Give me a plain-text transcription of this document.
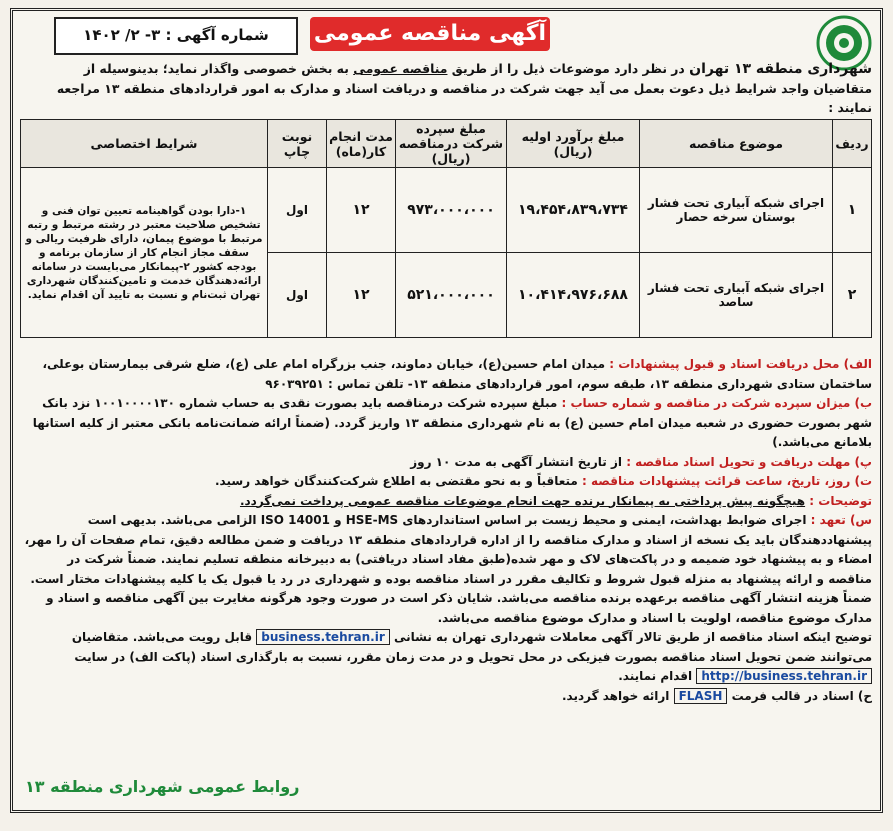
آگهی مناقصه عمومی
شماره آگهی : ۳- ۲/ ۱۴۰۲
شهرداری منطقه ۱۳ تهران در نظر دارد موضوعات ذیل را از طریق مناقصه عمومی به بخش خصوصی واگذار نماید؛ بدینوسیله از متقاضیان واجد شرایط ذیل دعوت بعمل می آید جهت شرکت در مناقصه و دریافت اسناد و مدارک به امور قراردادهای منطقه ۱۳ مراجعه نمایند :
ردیف	موضوع مناقصه	مبلغ برآورد اولیه (ریال)	مبلغ سپرده شرکت درمناقصه (ریال)	مدت انجام کار(ماه)	نوبت چاپ	شرایط اختصاصی
۱	اجرای شبکه آبیاری تحت فشار بوستان سرخه حصار	۱۹،۴۵۴،۸۳۹،۷۳۴	۹۷۳،۰۰۰،۰۰۰	۱۲	اول	۱-دارا بودن گواهینامه تعیین توان فنی و تشخیص صلاحیت معتبر در رشته مرتبط و رتبه مرتبط با موضوع پیمان، دارای ظرفیت ریالی و سقف مجاز انجام کار از سازمان برنامه و بودجه کشور ۲-پیمانکار می‌بایست در سامانه ارائه‌دهندگان خدمت و تامین‌کنندگان شهرداری تهران ثبت‌نام و نسبت به تایید آن اقدام نماید.
۲	اجرای شبکه آبیاری تحت فشار ساصد	۱۰،۴۱۴،۹۷۶،۶۸۸	۵۲۱،۰۰۰،۰۰۰	۱۲	اول	

الف) محل دریافت اسناد و قبول پیشنهادات : میدان امام حسین(ع)، خیابان دماوند، جنب بزرگراه امام علی (ع)، ضلع شرقی بیمارستان بوعلی، ساختمان ستادی شهرداری منطقه ۱۳، طبقه سوم، امور قراردادهای منطقه ۱۳- تلفن تماس : ۹۶۰۳۹۲۵۱

ب) میزان سپرده شرکت در مناقصه و شماره حساب : مبلغ سپرده شرکت درمناقصه باید بصورت نقدی به حساب شماره ۱۰۰۱۰۰۰۰۱۳۰ نزد بانک شهر بصورت حضوری در شعبه میدان امام حسین (ع) به نام شهرداری منطقه ۱۳ واریز گردد. (ضمناً ارائه ضمانت‌نامه بانکی معتبر از کلیه استانها بلامانع می‌باشد.)

پ) مهلت دریافت و تحویل اسناد مناقصه : از تاریخ انتشار آگهی به مدت ۱۰ روز

ت) روز، تاریخ، ساعت قرائت پیشنهادات مناقصه : متعاقباً و به نحو مقتضی به اطلاع شرکت‌کنندگان خواهد رسید.

توضیحات : هیچگونه پیش پرداختی به پیمانکار برنده جهت انجام موضوعات مناقصه عمومی پرداخت نمی‌گردد.

س) تعهد : اجرای ضوابط بهداشت، ایمنی و محیط زیست بر اساس استانداردهای HSE-MS و ISO 14001 الزامی می‌باشد. بدیهی است پیشنهاددهندگان باید یک نسخه از اسناد و مدارک مناقصه را از اداره قراردادهای منطقه ۱۳ دریافت و ضمن مطالعه دقیق، تمام صفحات آن را مهر، امضاء و به پیشنهاد خود ضمیمه و در پاکت‌های لاک و مهر شده(طبق مفاد اسناد دریافتی) به دبیرخانه منطقه تسلیم نمایند. ضمناً شرکت در مناقصه و ارائه پیشنهاد به منزله قبول شروط و تکالیف مقرر در اسناد مناقصه بوده و شهرداری در رد یا قبول یک یا کلیه پیشنهادات مختار است. ضمناً هزینه انتشار آگهی مناقصه برعهده برنده مناقصه می‌باشد. شایان ذکر است در صورت وجود هرگونه مغایرت بین آگهی مناقصه و اسناد و مدارک موضوع مناقصه، اولویت با اسناد و مدارک موضوع مناقصه می‌باشد.

توضیح اینکه اسناد مناقصه از طریق تالار آگهی معاملات شهرداری تهران به نشانی business.tehran.ir قابل رویت می‌باشد. متقاضیان می‌توانند ضمن تحویل اسناد مناقصه بصورت فیزیکی در محل تحویل و در مدت زمان مقرر، نسبت به بارگذاری اسناد (پاکت الف) در سایت http://business.tehran.ir اقدام نمایند.

ح) اسناد در قالب فرمت FLASH ارائه خواهد گردید.

روابط عمومی شهرداری منطقه ۱۳
